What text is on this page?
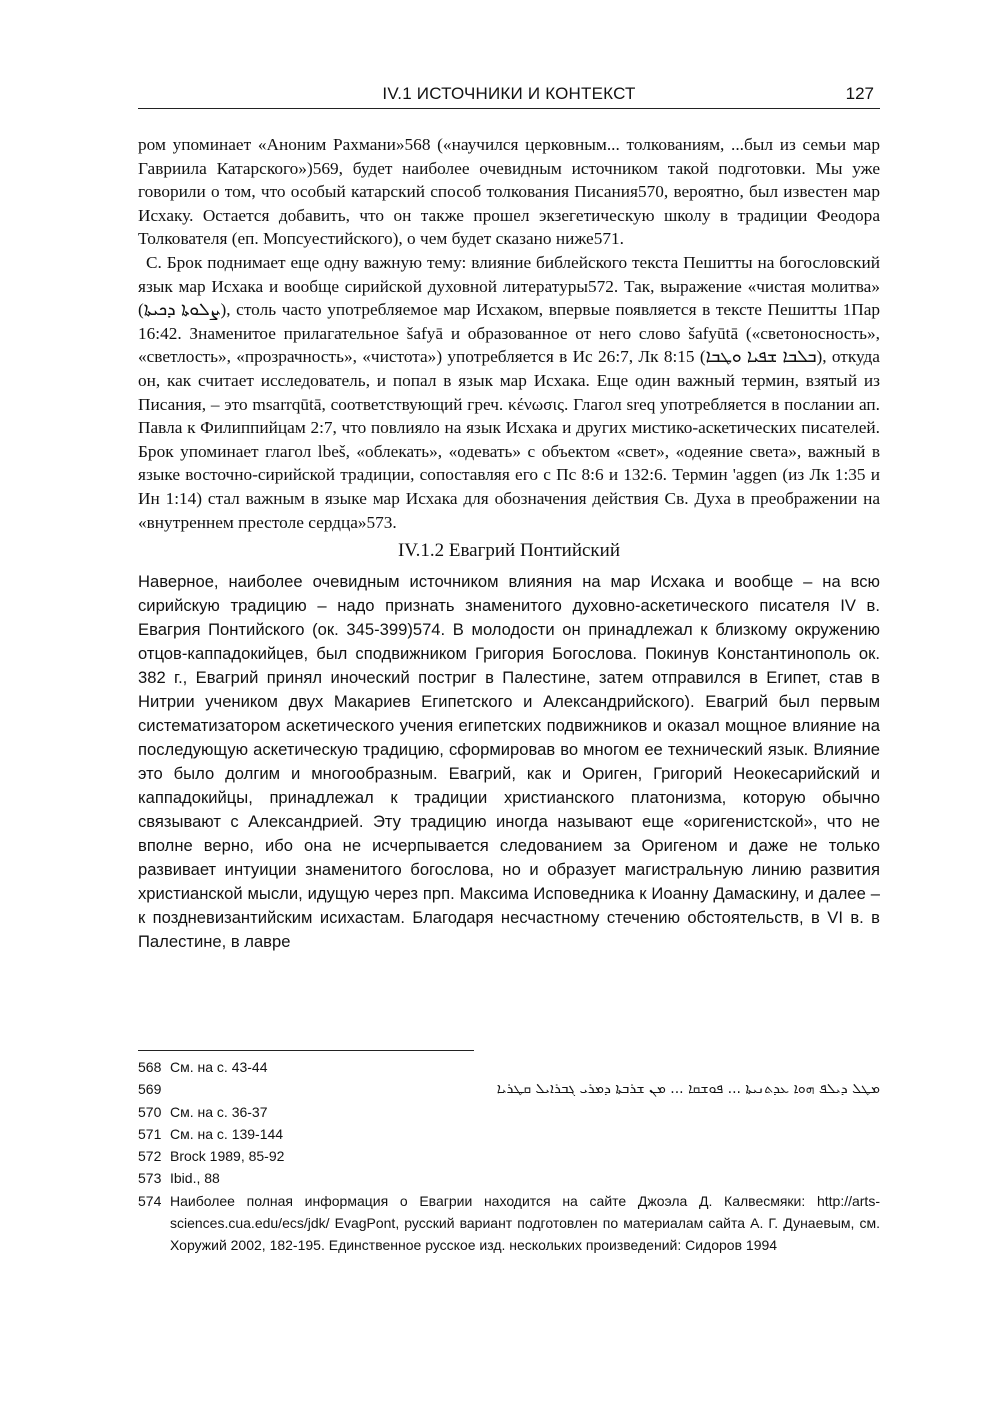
IV.1 ИСТОЧНИКИ И КОНТЕКСТ	127

ром упоминает «Аноним Рахмани»568 («научился церковным... толкованиям, ...был из семьи мар Гавриила Катарского»)569, будет наиболее очевидным источником такой подготовки. Мы уже говорили о том, что особый катарский способ толкования Писания570, вероятно, был известен мар Исхаку. Остается добавить, что он также прошел экзегетическую школу в традиции Феодора Толкователя (еп. Мопсуестийского), о чем будет сказано ниже571.

С. Брок поднимает еще одну важную тему: влияние библейского текста Пешитты на богословский язык мар Исхака и вообще сирийской духовной литературы572. Так, выражение «чистая молитва» (ܨܠܘܬܐ ܕܟܝܬܐ), столь часто употребляемое мар Исхаком, впервые появляется в тексте Пешитты 1Пар 16:42. Знаменитое прилагательное šafyā и образованное от него слово šafyūtā («светоносность», «светлость», «прозрачность», «чистота») употребляется в Ис 26:7, Лк 8:15 (ܒܠܒܐ ܫܦܝܐ ܘܛܒܐ), откуда он, как считает исследователь, и попал в язык мар Исхака. Еще один важный термин, взятый из Писания, – это msarrqūtā, соответствующий греч. κένωσις. Глагол sreq употребляется в послании ап. Павла к Филиппийцам 2:7, что повлияло на язык Исхака и других мистико-аскетических писателей. Брок упоминает глагол lbeš, «облекать», «одевать» с объектом «свет», «одеяние света», важный в языке восточно-сирийской традиции, сопоставляя его с Пс 8:6 и 132:6. Термин 'aggen (из Лк 1:35 и Ин 1:14) стал важным в языке мар Исхака для обозначения действия Св. Духа в преображении на «внутреннем престоле сердца»573.

IV.1.2 Евагрий Понтийский

Наверное, наиболее очевидным источником влияния на мар Исхака и вообще – на всю сирийскую традицию – надо признать знаменитого духовно-аскетического писателя IV в. Евагрия Понтийского (ок. 345-399)574. В молодости он принадлежал к близкому окружению отцов-каппадокийцев, был сподвижником Григория Богослова. Покинув Константинополь ок. 382 г., Евагрий принял иноческий постриг в Палестине, затем отправился в Египет, став в Нитрии учеником двух Макариев Египетского и Александрийского). Евагрий был первым систематизатором аскетического учения египетских подвижников и оказал мощное влияние на последующую аскетическую традицию, сформировав во многом ее технический язык. Влияние это было долгим и многообразным. Евагрий, как и Ориген, Григорий Неокесарийский и каппадокийцы, принадлежал к традиции христианского платонизма, которую обычно связывают с Александрией. Эту традицию иногда называют еще «оригенистской», что не вполне верно, ибо она не исчерпывается следованием за Оригеном и даже не только развивает интуиции знаменитого богослова, но и образует магистральную линию развития христианской мысли, идущую через прп. Максима Исповедника к Иоанну Дамаскину, и далее – к поздневизантийским исихастам. Благодаря несчастному стечению обстоятельств, в VI в. в Палестине, в лавре

568 См. на с. 43-44
569	ܡܛܠ ܕܝܠܦ ܗܘܐ ܥܕܬܢܝܬܐ ... ܦܘܫܩܐ ... ܡܢ ܫܪܒܬܐ ܕܡܪܝ ܓܒܪܐܝܠ ܩܛܪܝܐ
570 См. на с. 36-37
571 См. на с. 139-144
572 Brock 1989, 85-92
573 Ibid., 88
574 Наиболее полная информация о Евагрии находится на сайте Джоэла Д. Калвесмяки: http://arts-sciences.cua.edu/ecs/jdk/ EvagPont, русский вариант подготовлен по материалам сайта А. Г. Дунаевым, см. Хоружий 2002, 182-195. Единственное русское изд. нескольких произведений: Сидоров 1994
